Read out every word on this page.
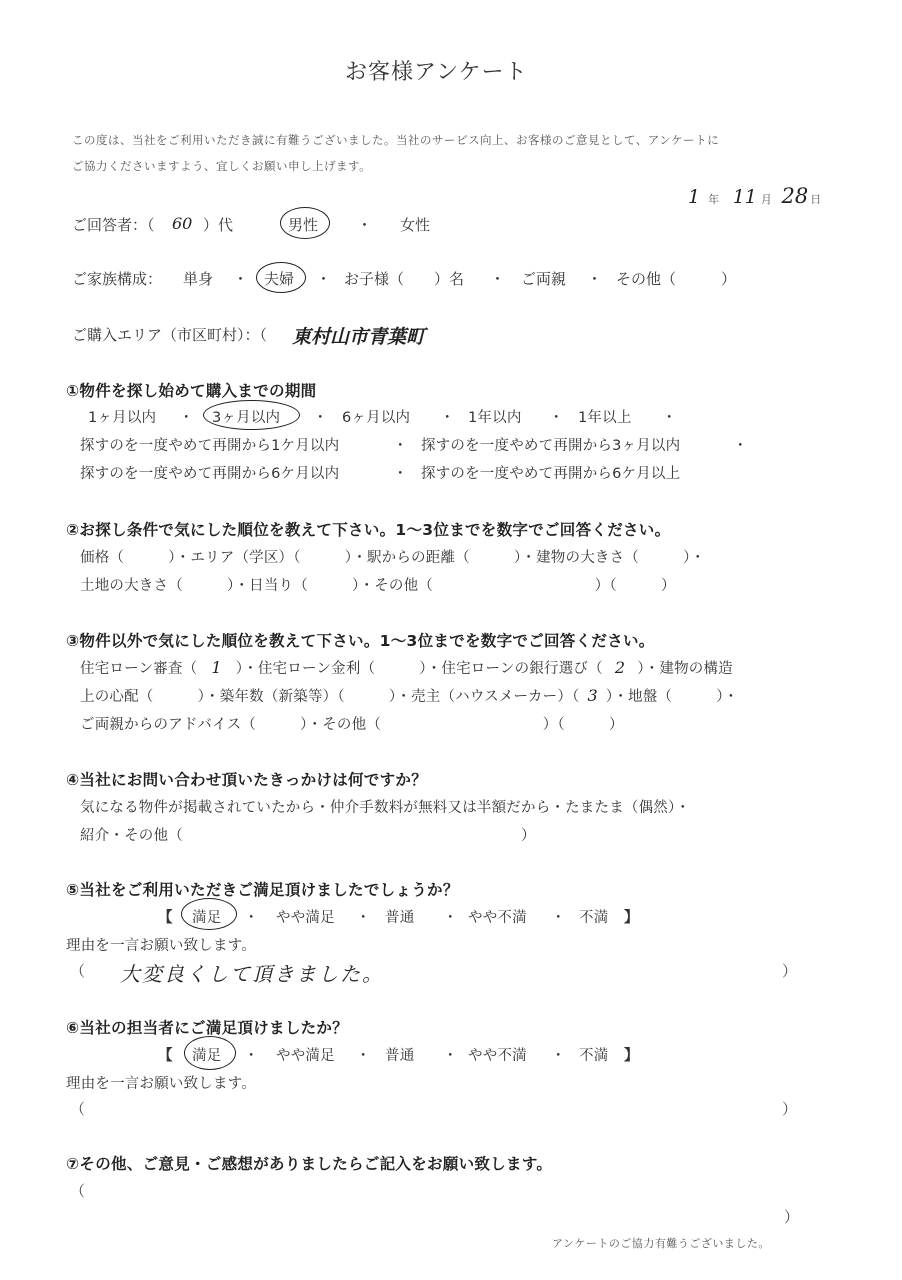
お客様アンケート
この度は、当社をご利用いただき誠に有難うございました。当社のサービス向上、お客様のご意見として、アンケートに
ご協力くださいますよう、宜しくお願い申し上げます。
1 年 11 月 28 日
ご回答者：（ 60 ）代	男性	・ 女性
ご家族構成： 単身 ・ 夫婦 ・ お子様（　　）名 ・ ご両親 ・ その他（　　　）
ご購入エリア（市区町村）：（ 東村山市青葉町
①物件を探し始めて購入までの期間
1ヶ月以内 ・ 3ヶ月以内 ・ 6ヶ月以内 ・ 1年以内 ・ 1年以上 ・
探すのを一度やめて再開から1ケ月以内	・ 探すのを一度やめて再開から3ヶ月以内	・
探すのを一度やめて再開から6ケ月以内	・ 探すのを一度やめて再開から6ケ月以上
②お探し条件で気にした順位を教えて下さい。1〜3位までを数字でご回答ください。
価格（　　　）・エリア（学区）（　　　）・駅からの距離（　　　）・建物の大きさ（　　　）・
土地の大きさ（　　　）・日当り（　　　）・その他（　　　　　　　　　　　）（　　　）
③物件以外で気にした順位を教えて下さい。1〜3位までを数字でご回答ください。
住宅ローン審査（ 1 ）・住宅ローン金利（　　　）・住宅ローンの銀行選び（ 2 ）・建物の構造
上の心配（　　　）・築年数（新築等）（　　　）・売主（ハウスメーカー）（ 3 ）・地盤（　　　）・
ご両親からのアドバイス（　　　）・その他（　　　　　　　　　　　）（　　　）
④当社にお問い合わせ頂いたきっかけは何ですか？
気になる物件が掲載されていたから・仲介手数料が無料又は半額だから・たまたま（偶然）・
紹介・その他（　　　　　　　　　　　　　　　　　　　　　　　）
⑤当社をご利用いただきご満足頂けましたでしょうか？
【 満足 ・ やや満足 ・ 普通 ・ やや不満 ・ 不満 】
理由を一言お願い致します。
（ 大変良くして頂きました。	）
⑥当社の担当者にご満足頂けましたか？
【 満足 ・ やや満足 ・ 普通 ・ やや不満 ・ 不満 】
理由を一言お願い致します。
（	）
⑦その他、ご意見・ご感想がありましたらご記入をお願い致します。
（
）
アンケートのご協力有難うございました。
